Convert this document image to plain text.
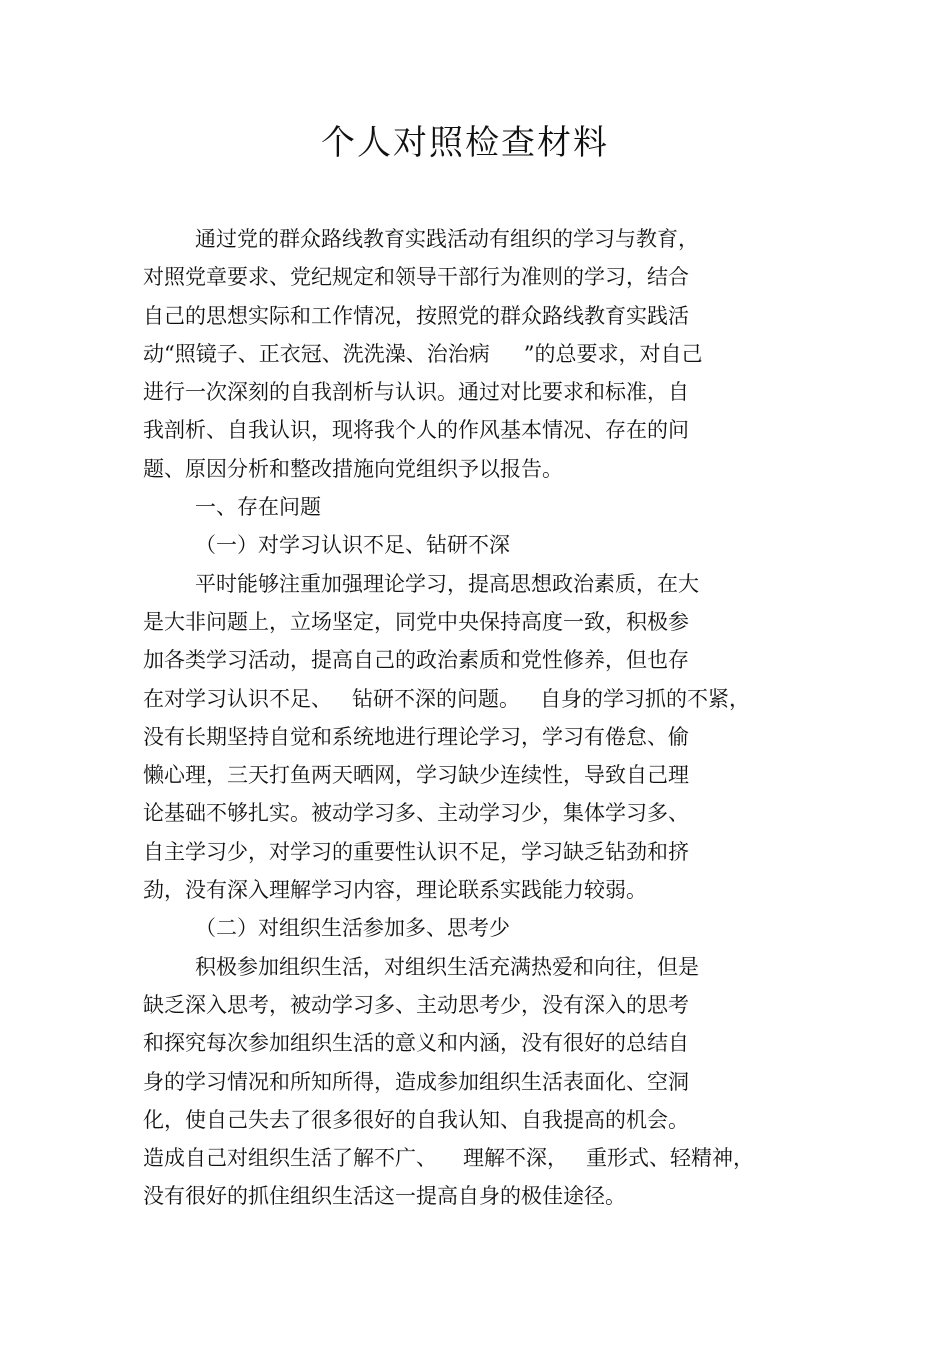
个人对照检查材料
通过党的群众路线教育实践活动有组织的学习与教育，
对照党章要求、党纪规定和领导干部行为准则的学习，结合
自己的思想实际和工作情况，按照党的群众路线教育实践活
动“照镜子、正衣冠、洗洗澡、治治病 ”的总要求，对自己
进行一次深刻的自我剖析与认识。通过对比要求和标准，自
我剖析、自我认识，现将我个人的作风基本情况、存在的问
题、原因分析和整改措施向党组织予以报告。
一、存在问题
（一）对学习认识不足、钻研不深
平时能够注重加强理论学习，提高思想政治素质，在大
是大非问题上，立场坚定，同党中央保持高度一致，积极参
加各类学习活动，提高自己的政治素质和党性修养，但也存
在对学习认识不足、 钻研不深的问题。 自身的学习抓的不紧，
没有长期坚持自觉和系统地进行理论学习，学习有倦怠、偷
懒心理，三天打鱼两天晒网，学习缺少连续性，导致自己理
论基础不够扎实。被动学习多、主动学习少，集体学习多、
自主学习少，对学习的重要性认识不足，学习缺乏钻劲和挤
劲，没有深入理解学习内容，理论联系实践能力较弱。
（二）对组织生活参加多、思考少
积极参加组织生活，对组织生活充满热爱和向往，但是
缺乏深入思考，被动学习多、主动思考少，没有深入的思考
和探究每次参加组织生活的意义和内涵，没有很好的总结自
身的学习情况和所知所得，造成参加组织生活表面化、空洞
化，使自己失去了很多很好的自我认知、自我提高的机会。
造成自己对组织生活了解不广、 理解不深， 重形式、轻精神，
没有很好的抓住组织生活这一提高自身的极佳途径。
